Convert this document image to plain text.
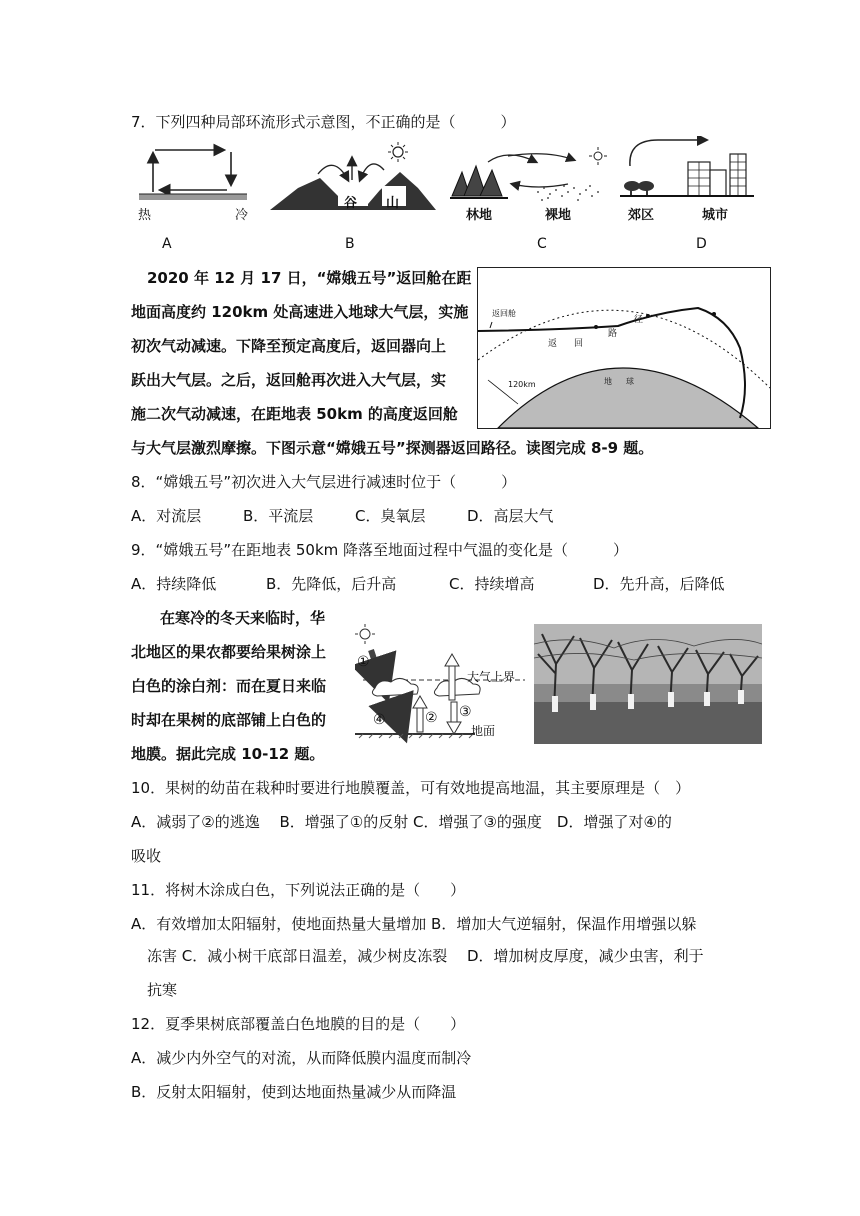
7．下列四种局部环流形式示意图，不正确的是（　　　）
热	冷
A
谷 山
B
林地	裸地
C
郊区	城市
D
2020 年 12 月 17 日，“嫦娥五号”返回舱在距
地面高度约 120km 处高速进入地球大气层，实施
初次气动减速。下降至预定高度后，返回器向上
跃出大气层。之后，返回舱再次进入大气层，实
施二次气动减速，在距地表 50km 的高度返回舱
与大气层激烈摩擦。下图示意“嫦娥五号”探测器返回路径。读图完成 8-9 题。
返回舱
返 回
路
径
120km	地 球
8．“嫦娥五号”初次进入大气层进行减速时位于（　　　）
A．对流层	B．平流层	C．臭氧层	D．高层大气
9．“嫦娥五号”在距地表 50km 降落至地面过程中气温的变化是（　　　）
A．持续降低	B．先降低，后升高	C．持续增高	D．先升高，后降低
在寒冷的冬天来临时，华
北地区的果农都要给果树涂上
白色的涂白剂：而在夏日来临
时却在果树的底部铺上白色的
地膜。据此完成 10-12 题。
①
② ③
④
大气上界
地面
10．果树的幼苗在栽种时要进行地膜覆盖，可有效地提高地温，其主要原理是（　）
A．减弱了②的逃逸　 B．增强了①的反射 C．增强了③的强度　D．增强了对④的
吸收
11．将树木涂成白色，下列说法正确的是（　　）
A．有效增加太阳辐射，使地面热量大量增加 B．增加大气逆辐射，保温作用增强以躲
冻害 C．减小树干底部日温差，减少树皮冻裂　 D．增加树皮厚度，减少虫害，利于
抗寒
12．夏季果树底部覆盖白色地膜的目的是（　　）
A．减少内外空气的对流，从而降低膜内温度而制冷
B．反射太阳辐射，使到达地面热量减少从而降温
